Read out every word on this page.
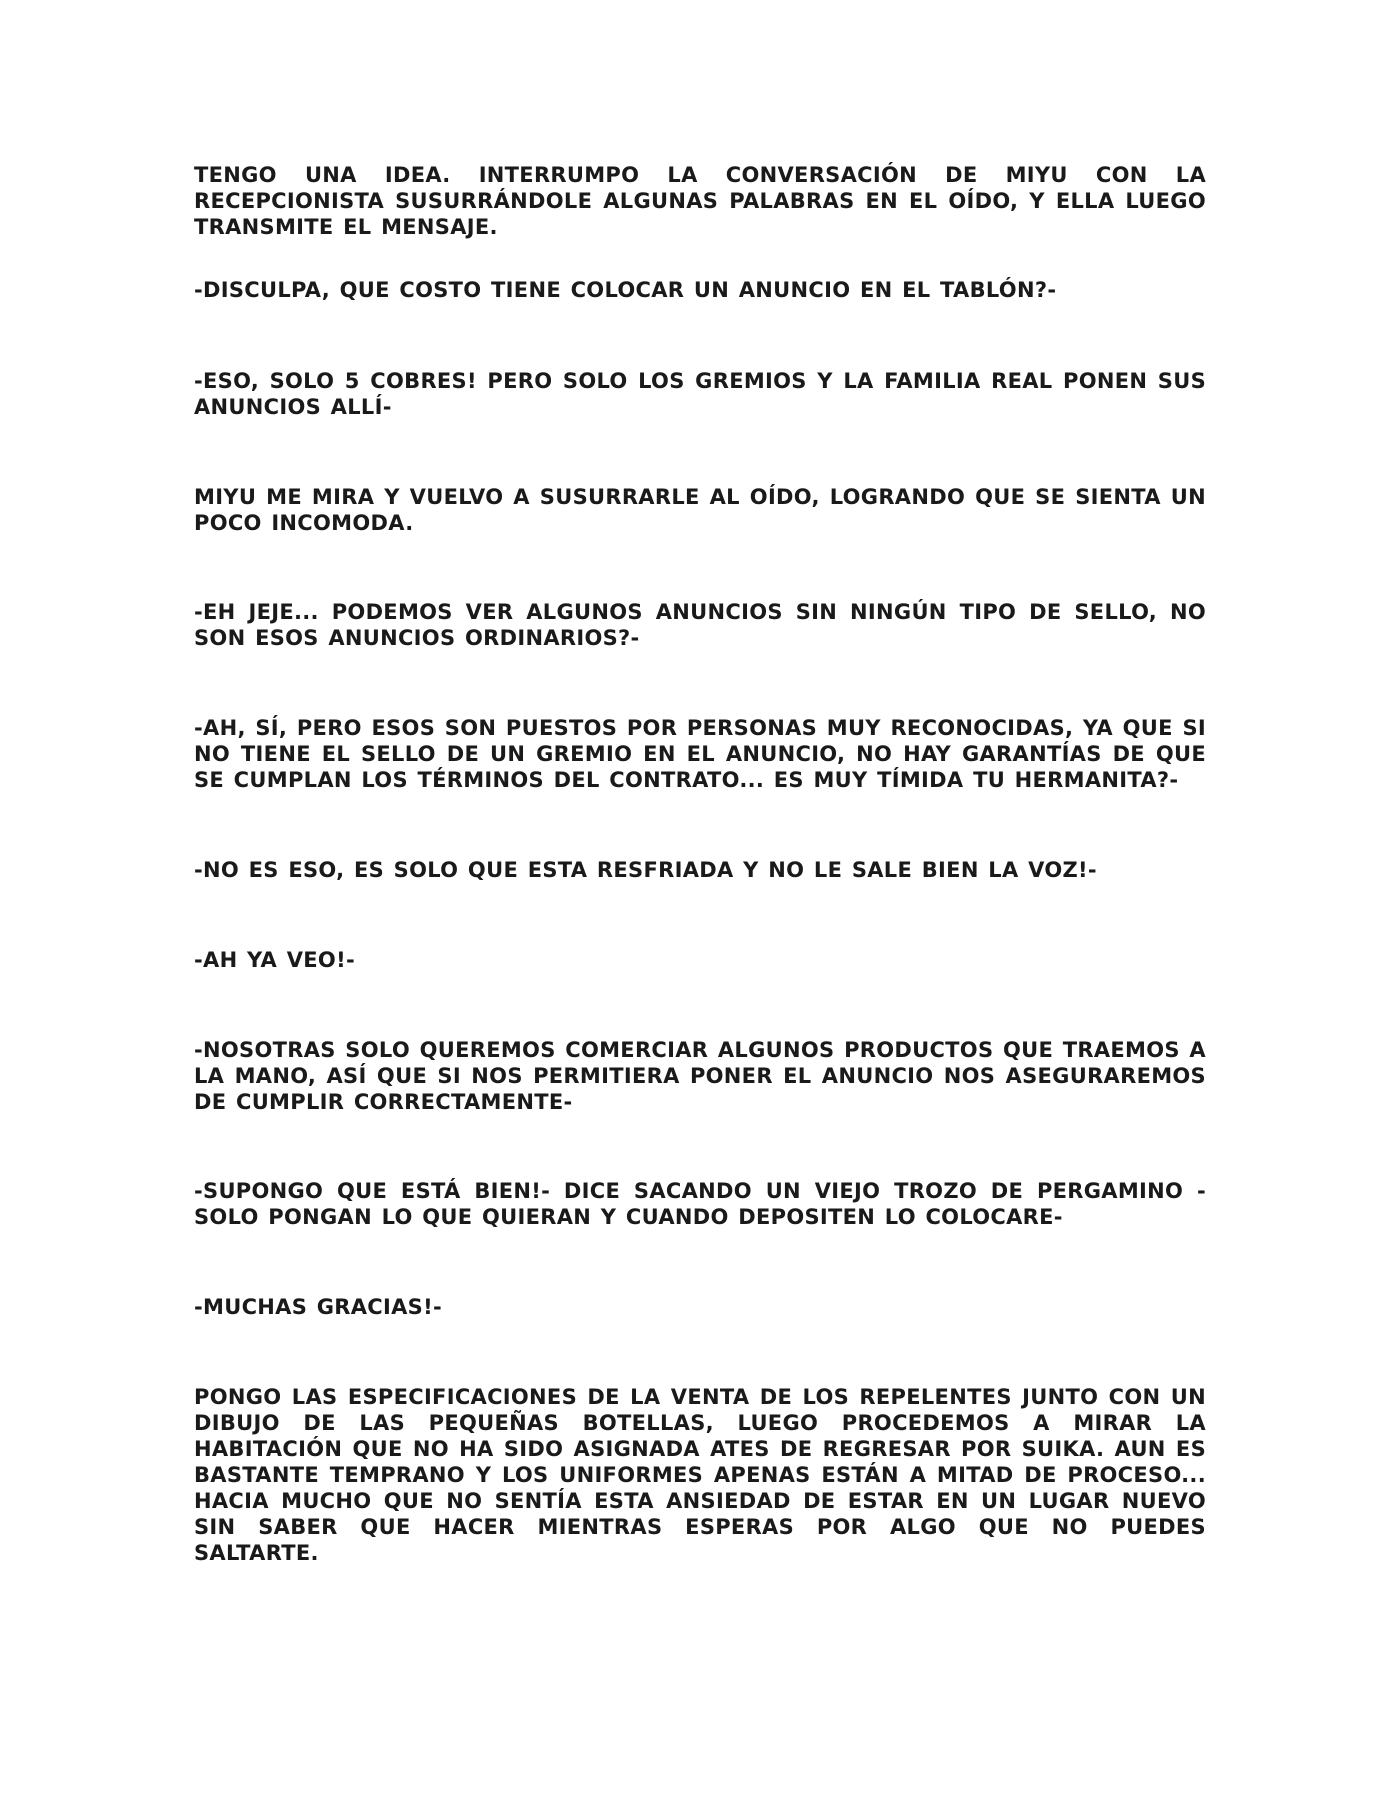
TENGO UNA IDEA. INTERRUMPO LA CONVERSACIÓN DE MIYU CON LA RECEPCIONISTA SUSURRÁNDOLE ALGUNAS PALABRAS EN EL OÍDO, Y ELLA LUEGO TRANSMITE EL MENSAJE.

-DISCULPA, QUE COSTO TIENE COLOCAR UN ANUNCIO EN EL TABLÓN?-

-ESO, SOLO 5 COBRES! PERO SOLO LOS GREMIOS Y LA FAMILIA REAL PONEN SUS ANUNCIOS ALLÍ-

MIYU ME MIRA Y VUELVO A SUSURRARLE AL OÍDO, LOGRANDO QUE SE SIENTA UN POCO INCOMODA.

-EH JEJE... PODEMOS VER ALGUNOS ANUNCIOS SIN NINGÚN TIPO DE SELLO, NO SON ESOS ANUNCIOS ORDINARIOS?-

-AH, SÍ, PERO ESOS SON PUESTOS POR PERSONAS MUY RECONOCIDAS, YA QUE SI NO TIENE EL SELLO DE UN GREMIO EN EL ANUNCIO, NO HAY GARANTÍAS DE QUE SE CUMPLAN LOS TÉRMINOS DEL CONTRATO... ES MUY TÍMIDA TU HERMANITA?-

-NO ES ESO, ES SOLO QUE ESTA RESFRIADA Y NO LE SALE BIEN LA VOZ!-

-AH YA VEO!-

-NOSOTRAS SOLO QUEREMOS COMERCIAR ALGUNOS PRODUCTOS QUE TRAEMOS A LA MANO, ASÍ QUE SI NOS PERMITIERA PONER EL ANUNCIO NOS ASEGURAREMOS DE CUMPLIR CORRECTAMENTE-

-SUPONGO QUE ESTÁ BIEN!- DICE SACANDO UN VIEJO TROZO DE PERGAMINO -SOLO PONGAN LO QUE QUIERAN Y CUANDO DEPOSITEN LO COLOCARE-

-MUCHAS GRACIAS!-

PONGO LAS ESPECIFICACIONES DE LA VENTA DE LOS REPELENTES JUNTO CON UN DIBUJO DE LAS PEQUEÑAS BOTELLAS, LUEGO PROCEDEMOS A MIRAR LA HABITACIÓN QUE NO HA SIDO ASIGNADA ATES DE REGRESAR POR SUIKA. AUN ES BASTANTE TEMPRANO Y LOS UNIFORMES APENAS ESTÁN A MITAD DE PROCESO... HACIA MUCHO QUE NO SENTÍA ESTA ANSIEDAD DE ESTAR EN UN LUGAR NUEVO SIN SABER QUE HACER MIENTRAS ESPERAS POR ALGO QUE NO PUEDES SALTARTE.
